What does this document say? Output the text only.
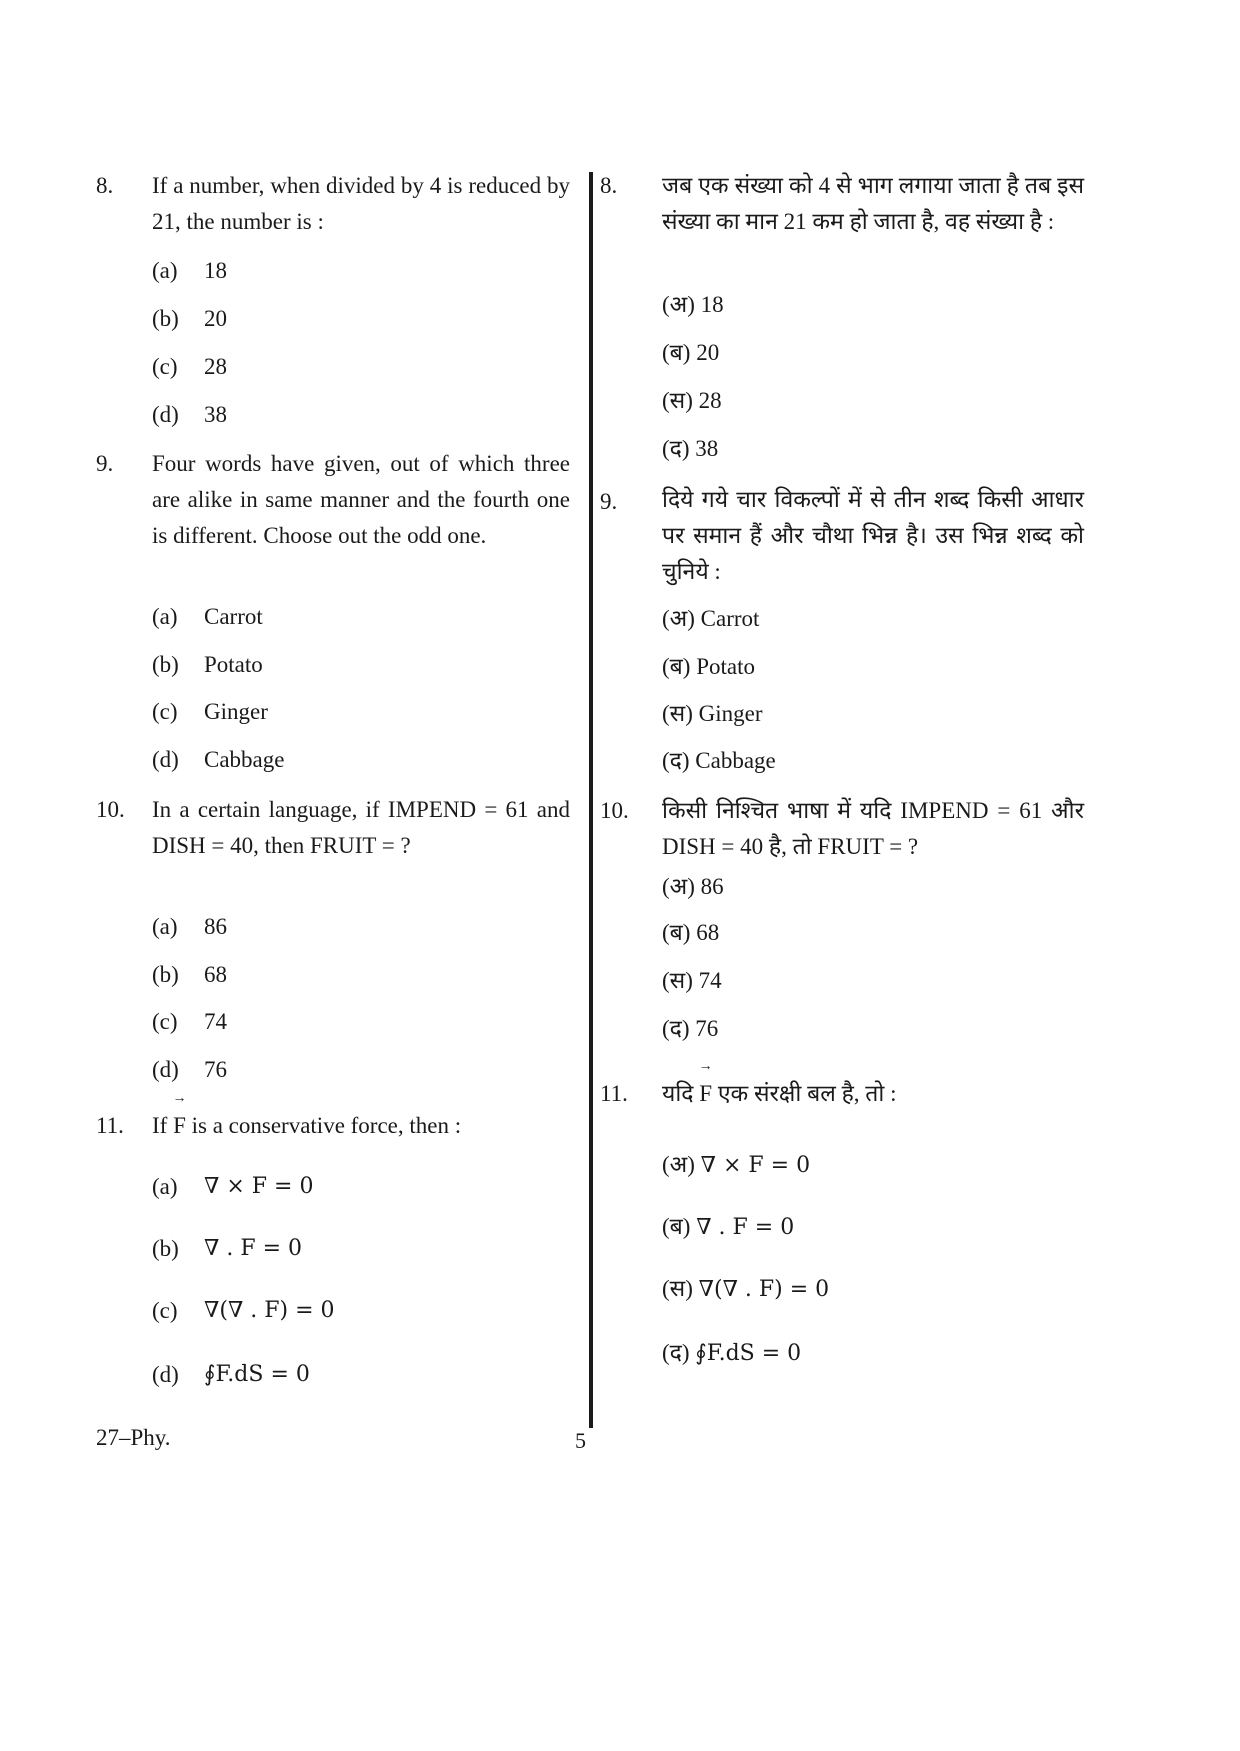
8. If a number, when divided by 4 is reduced by 21, the number is :
(a) 18
(b) 20
(c) 28
(d) 38
9. Four words have given, out of which three are alike in same manner and the fourth one is different. Choose out the odd one.
(a) Carrot
(b) Potato
(c) Ginger
(d) Cabbage
10. In a certain language, if IMPEND = 61 and DISH = 40, then FRUIT = ?
(a) 86
(b) 68
(c) 74
(d) 76
11. If → F is a conservative force, then :
(a) ∇ × F = 0
(b) ∇ . F = 0
(c) ∇(∇ . F) = 0
(d) ∮F.dS = 0
8. जब एक संख्या को 4 से भाग लगाया जाता है तब इस संख्या का मान 21 कम हो जाता है, वह संख्या है :
(अ) 18
(ब) 20
(स) 28
(द) 38
9. दिये गये चार विकल्पों में से तीन शब्द किसी आधार पर समान हैं और चौथा भिन्न है। उस भिन्न शब्द को चुनिये :
(अ) Carrot
(ब) Potato
(स) Ginger
(द) Cabbage
10. किसी निश्चित भाषा में यदि IMPEND = 61 और DISH = 40 है, तो FRUIT = ?
(अ) 86
(ब) 68
(स) 74
(द) 76
11. यदि → F एक संरक्षी बल है, तो :
(अ) ∇ × F = 0
(ब) ∇ . F = 0
(स) ∇(∇ . F) = 0
(द) ∮F.dS = 0
27–Phy.	5
